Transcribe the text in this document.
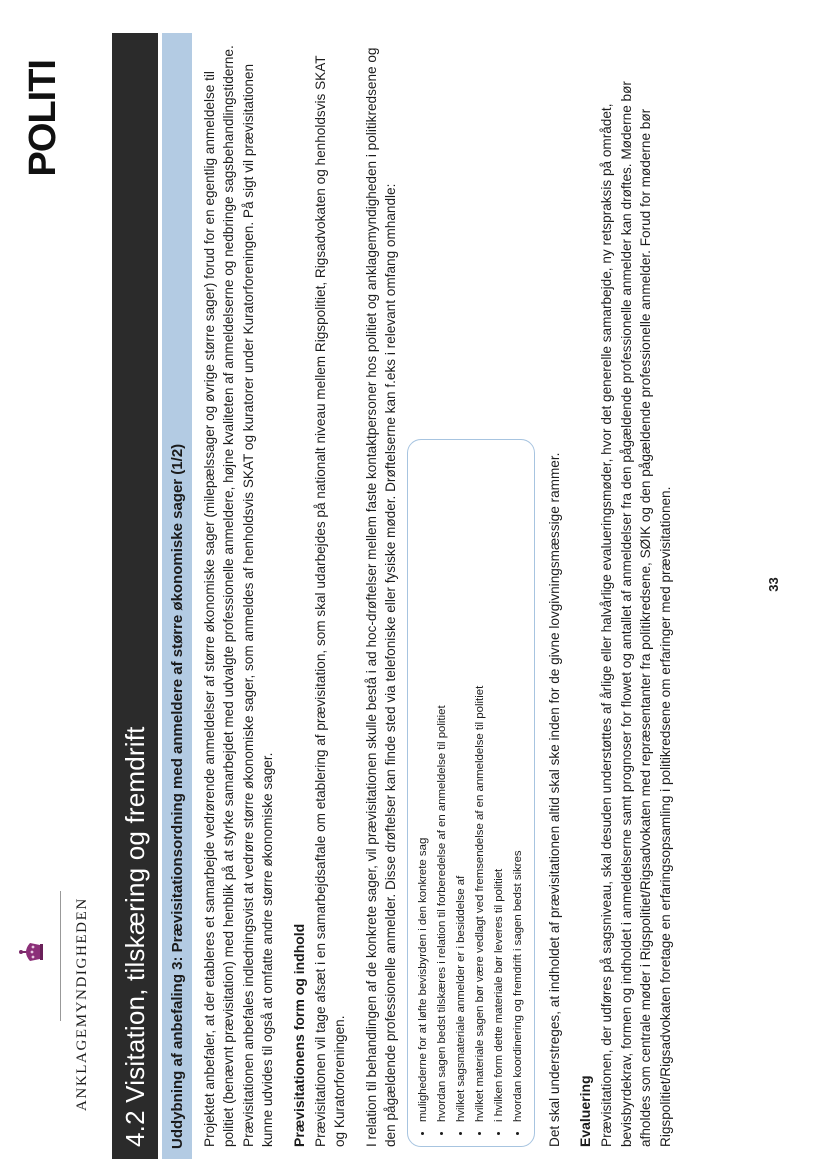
ANKLAGEMYNDIGHEDEN
POLITI
4.2 Visitation, tilskæring og fremdrift Uddybning af anbefaling 3: Prævisitationsordning med anmeldere af større økonomiske sager (1/2) Projektet anbefaler, at der etableres et samarbejde vedrørende anmeldelser af større økonomiske sager (milepælssager og øvrige større sager) forud for en egentlig anmeldelse til politiet (benævnt prævisitation) med henblik på at styrke samarbejdet med udvalgte professionelle anmeldere, højne kvaliteten af anmeldelserne og nedbringe sagsbehandlingstiderne. Prævisitationen anbefales indledningsvist at vedrøre større økonomiske sager, som anmeldes af henholdsvis SKAT og kuratorer under Kuratorforeningen. På sigt vil prævisitationen kunne udvides til også at omfatte andre større økonomiske sager. Prævisitationens form og indhold Prævisitationen vil tage afsæt i en samarbejdsaftale om etablering af prævisitation, som skal udarbejdes på nationalt niveau mellem Rigspolitiet, Rigsadvokaten og henholdsvis SKAT og Kuratorforeningen. I relation til behandlingen af de konkrete sager, vil prævisitationen skulle bestå i ad hoc-drøftelser mellem faste kontaktpersoner hos politiet og anklagemyndigheden i politikredsene og den pågældende professionelle anmelder. Disse drøftelser kan finde sted via telefoniske eller fysiske møder. Drøftelserne kan f.eks i relevant omfang omhandle: • mulighederne for at løfte bevisbyrden i den konkrete sag • hvordan sagen bedst tilskæres i relation til forberedelse af en anmeldelse til politiet • hvilket sagsmateriale anmelder er i besiddelse af • hvilket materiale sagen bør være vedlagt ved fremsendelse af en anmeldelse til politiet • i hvilken form dette materiale bør leveres til politiet • hvordan koordinering og fremdrift i sagen bedst sikres Det skal understreges, at indholdet af prævisitationen altid skal ske inden for de givne lovgivningsmæssige rammer. Evaluering Prævisitationen, der udføres på sagsniveau, skal desuden understøttes af årlige eller halvårlige evalueringsmøder, hvor det generelle samarbejde, ny retspraksis på området, bevisbyrdekrav, formen og indholdet i anmeldelserne samt prognoser for flowet og antallet af anmeldelser fra den pågældende professionelle anmelder kan drøftes. Møderne bør afholdes som centrale møder i Rigspolitiet/Rigsadvokaten med repræsentanter fra politikredsene, SØIK og den pågældende professionelle anmelder. Forud for møderne bør Rigspolitiet/Rigsadvokaten foretage en erfaringsopsamling i politikredsene om erfaringer med prævisitationen.	33
